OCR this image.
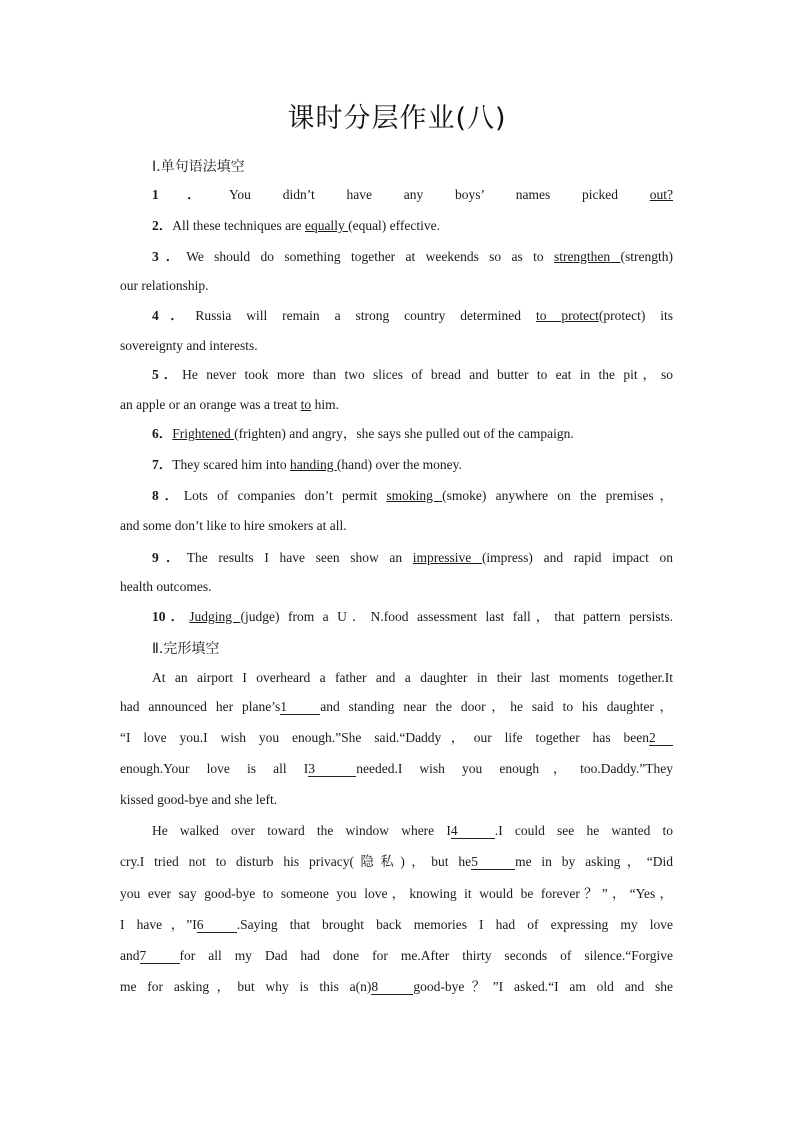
课时分层作业(八)
Ⅰ.单句语法填空
1．You didn’t have any boys’ names picked out?
2．All these techniques are equally (equal) effective.
3．We should do something together at weekends so as to strengthen (strength)
our relationship.
4．Russia will remain a strong country determined to protect(protect) its
sovereignty and interests.
5．He never took more than two slices of bread and butter to eat in the pit，so
an apple or an orange was a treat to him.
6．Frightened (frighten) and angry，she says she pulled out of the campaign.
7．They scared him into handing (hand) over the money.
8．Lots of companies don’t permit smoking (smoke) anywhere on the premises，
and some don’t like to hire smokers at all.
9．The results I have seen show an impressive (impress) and rapid impact on
health outcomes.
10．Judging (judge) from a U．N.food assessment last fall，that pattern persists.
Ⅱ.完形填空
At an airport I overheard a father and a daughter in their last moments together.It
had announced her plane’s1 and standing near the door，he said to his daughter，
“I love you.I wish you enough.”She said.“Daddy，our life together has been2
enough.Your love is all I3	needed.I wish you enough，too.Daddy.”They
kissed good-bye and she left.
He walked over toward the window where I4	.I could see he wanted to
cry.I tried not to disturb his privacy(隐私)，but he5	me in by asking，“Did
you ever say good-bye to someone you love，knowing it would be forever？”，“Yes，
I have，”I6 .Saying that brought back memories I had of expressing my love
and7 for all my Dad had done for me.After thirty seconds of silence.“Forgive
me for asking，but why is this a(n)8	good-bye？”I asked.“I am old and she
